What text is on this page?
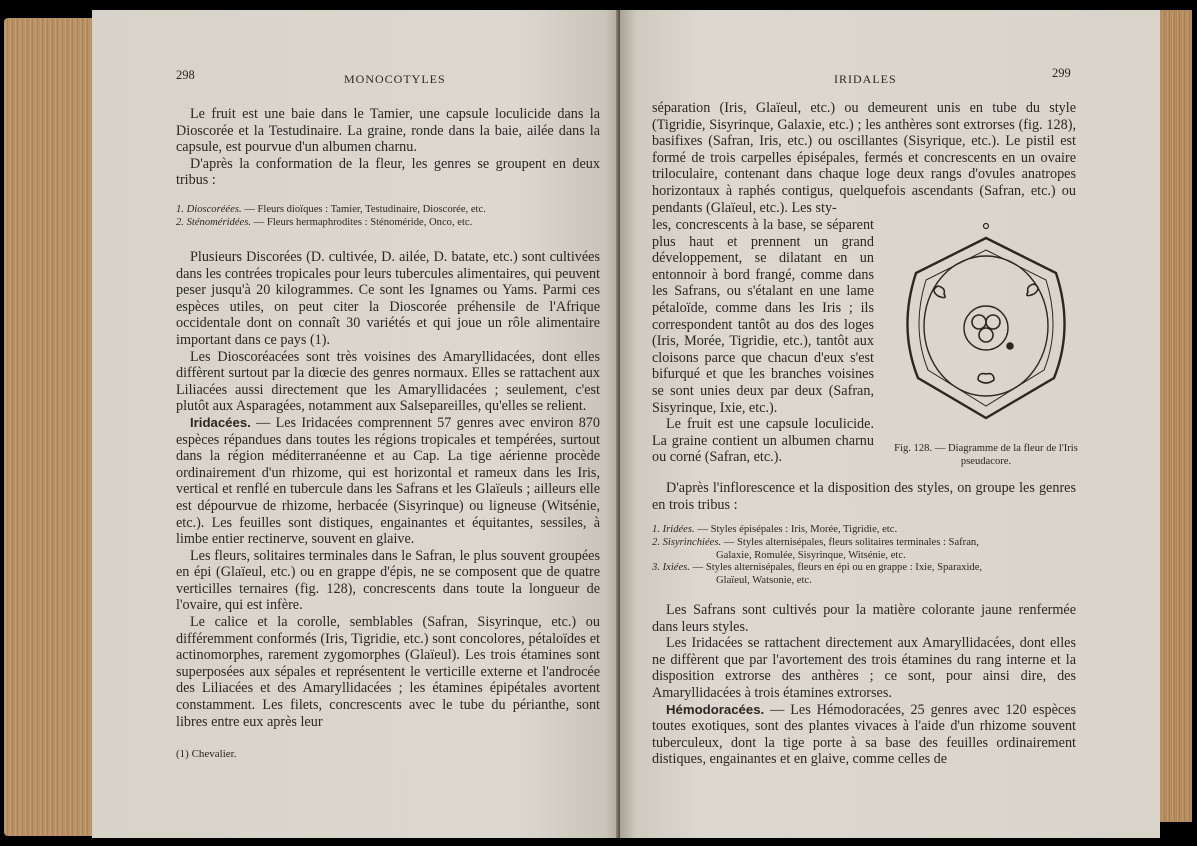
298	MONOCOTYLES

Le fruit est une baie dans le Tamier, une capsule loculicide dans la Dioscorée et la Testudinaire. La graine, ronde dans la baie, ailée dans la capsule, est pourvue d'un albumen charnu.

D'après la conformation de la fleur, les genres se groupent en deux tribus :

1. Dioscoréées. — Fleurs dioïques : Tamier, Testudinaire, Dioscorée, etc.
2. Sténoméridées. — Fleurs hermaphrodites : Sténoméride, Onco, etc.

Plusieurs Discorées (D. cultivée, D. ailée, D. batate, etc.) sont cultivées dans les contrées tropicales pour leurs tubercules alimentaires, qui peuvent peser jusqu'à 20 kilogrammes. Ce sont les Ignames ou Yams. Parmi ces espèces utiles, on peut citer la Dioscorée préhensile de l'Afrique occidentale dont on connaît 30 variétés et qui joue un rôle alimentaire important dans ce pays (1).

Les Dioscoréacées sont très voisines des Amaryllidacées, dont elles diffèrent surtout par la diœcie des genres normaux. Elles se rattachent aux Liliacées aussi directement que les Amaryllidacées ; seulement, c'est plutôt aux Asparagées, notamment aux Salsepareilles, qu'elles se relient.

Iridacées. — Les Iridacées comprennent 57 genres avec environ 870 espèces répandues dans toutes les régions tropicales et tempérées, surtout dans la région méditerranéenne et au Cap. La tige aérienne procède ordinairement d'un rhizome, qui est horizontal et rameux dans les Iris, vertical et renflé en tubercule dans les Safrans et les Glaïeuls ; ailleurs elle est dépourvue de rhizome, herbacée (Sisyrinque) ou ligneuse (Witsénie, etc.). Les feuilles sont distiques, engainantes et équitantes, sessiles, à limbe entier rectinerve, souvent en glaive.

Les fleurs, solitaires terminales dans le Safran, le plus souvent groupées en épi (Glaïeul, etc.) ou en grappe d'épis, ne se composent que de quatre verticilles ternaires (fig. 128), concrescents dans toute la longueur de l'ovaire, qui est infère.

Le calice et la corolle, semblables (Safran, Sisyrinque, etc.) ou différemment conformés (Iris, Tigridie, etc.) sont concolores, pétaloïdes et actinomorphes, rarement zygomorphes (Glaïeul). Les trois étamines sont superposées aux sépales et représentent le verticille externe et l'androcée des Liliacées et des Amaryllidacées ; les étamines épipétales avortent constamment. Les filets, concrescents avec le tube du périanthe, sont libres entre eux après leur

(1) Chevalier.
IRIDALES	299

séparation (Iris, Glaïeul, etc.) ou demeurent unis en tube du style (Tigridie, Sisyrinque, Galaxie, etc.) ; les anthères sont extrorses (fig. 128), basifixes (Safran, Iris, etc.) ou oscillantes (Sisyrique, etc.). Le pistil est formé de trois carpelles épisépales, fermés et concrescents en un ovaire triloculaire, contenant dans chaque loge deux rangs d'ovules anatropes horizontaux à raphés contigus, quelquefois ascendants (Safran, etc.) ou pendants (Glaïeul, etc.). Les sty-

les, concrescents à la base, se séparent plus haut et prennent un grand développement, se dilatant en un entonnoir à bord frangé, comme dans les Safrans, ou s'étalant en une lame pétaloïde, comme dans les Iris ; ils correspondent tantôt au dos des loges (Iris, Morée, Tigridie, etc.), tantôt aux cloisons parce que chacun d'eux s'est bifurqué et que les branches voisines se sont unies deux par deux (Safran, Sisyrinque, Ixie, etc.).

Le fruit est une capsule loculicide. La graine contient un albumen charnu ou corné (Safran, etc.).

Fig. 128. — Diagramme de la fleur de l'Iris pseudacore.

D'après l'inflorescence et la disposition des styles, on groupe les genres en trois tribus :

1. Iridées. — Styles épisépales : Iris, Morée, Tigridie, etc.
2. Sisyrinchiées. — Styles alternisépales, fleurs solitaires terminales : Safran,
Galaxie, Romulée, Sisyrinque, Witsénie, etc.
3. Ixiées. — Styles alternisépales, fleurs en épi ou en grappe : Ixie, Sparaxide,
Glaïeul, Watsonie, etc.

Les Safrans sont cultivés pour la matière colorante jaune renfermée dans leurs styles.

Les Iridacées se rattachent directement aux Amaryllidacées, dont elles ne diffèrent que par l'avortement des trois étamines du rang interne et la disposition extrorse des anthères ; ce sont, pour ainsi dire, des Amaryllidacées à trois étamines extrorses.

Hémodoracées. — Les Hémodoracées, 25 genres avec 120 espèces toutes exotiques, sont des plantes vivaces à l'aide d'un rhizome souvent tuberculeux, dont la tige porte à sa base des feuilles ordinairement distiques, engainantes et en glaive, comme celles de
